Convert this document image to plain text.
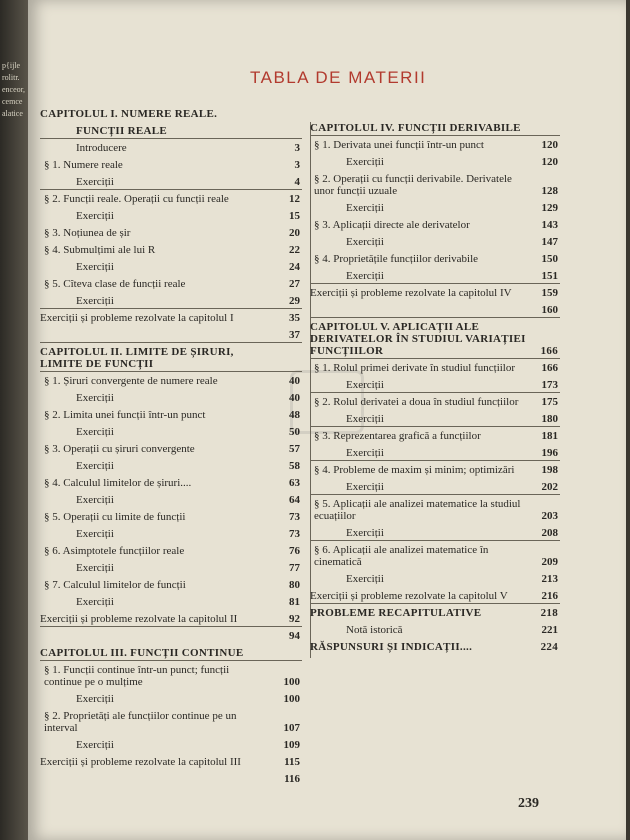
p{ijle
rolitr.
enceor,
cemce
alatice
TABLA DE MATERII
CAPITOLUL I. NUMERE REALE.
FUNCȚII REALE
Introducere	3
§ 1. Numere reale	3
Exerciții	4
§ 2. Funcții reale. Operații cu funcții reale	12
Exerciții	15
§ 3. Noțiunea de șir	20
§ 4. Submulțimi ale lui R	22
Exerciții	24
§ 5. Cîteva clase de funcții reale	27
Exerciții	29
Exerciții și probleme rezolvate la capitolul I	35
37
CAPITOLUL II. LIMITE DE ȘIRURI, LIMITE DE FUNCȚII
§ 1. Șiruri convergente de numere reale	40
Exerciții	40
§ 2. Limita unei funcții într-un punct	48
Exerciții	50
§ 3. Operații cu șiruri convergente	57
Exerciții	58
§ 4. Calculul limitelor de șiruri....	63
Exerciții	64
§ 5. Operații cu limite de funcții	73
Exerciții	73
§ 6. Asimptotele funcțiilor reale	76
Exerciții	77
§ 7. Calculul limitelor de funcții	80
Exerciții	81
Exerciții și probleme rezolvate la capitolul II	92
94
CAPITOLUL III. FUNCȚII CONTINUE
§ 1. Funcții continue într-un punct; funcții continue pe o mulțime	100
Exerciții	100
§ 2. Proprietăți ale funcțiilor continue pe un interval	107
Exerciții	109
Exerciții și probleme rezolvate la capitolul III	115
116
CAPITOLUL IV. FUNCȚII DERIVABILE
§ 1. Derivata unei funcții într-un punct	120
Exerciții	120
§ 2. Operații cu funcții derivabile. Derivatele unor funcții uzuale	128
Exerciții	129
§ 3. Aplicații directe ale derivatelor	143
Exerciții	147
§ 4. Proprietățile funcțiilor derivabile	150
Exerciții	151
Exerciții și probleme rezolvate la capitolul IV	159
160
CAPITOLUL V. APLICAȚII ALE DERIVATELOR ÎN STUDIUL VARIAȚIEI FUNCȚIILOR	166
§ 1. Rolul primei derivate în studiul funcțiilor	166
Exerciții	173
§ 2. Rolul derivatei a doua în studiul funcțiilor	175
Exerciții	180
§ 3. Reprezentarea grafică a funcțiilor	181
Exerciții	196
§ 4. Probleme de maxim și minim; optimizări	198
Exerciții	202
§ 5. Aplicații ale analizei matematice la studiul ecuațiilor	203
Exerciții	208
§ 6. Aplicații ale analizei matematice în cinematică	209
Exerciții	213
Exerciții și probleme rezolvate la capitolul V	216
PROBLEME RECAPITULATIVE	218
Notă istorică	221
RĂSPUNSURI ȘI INDICAȚII....	224
239
